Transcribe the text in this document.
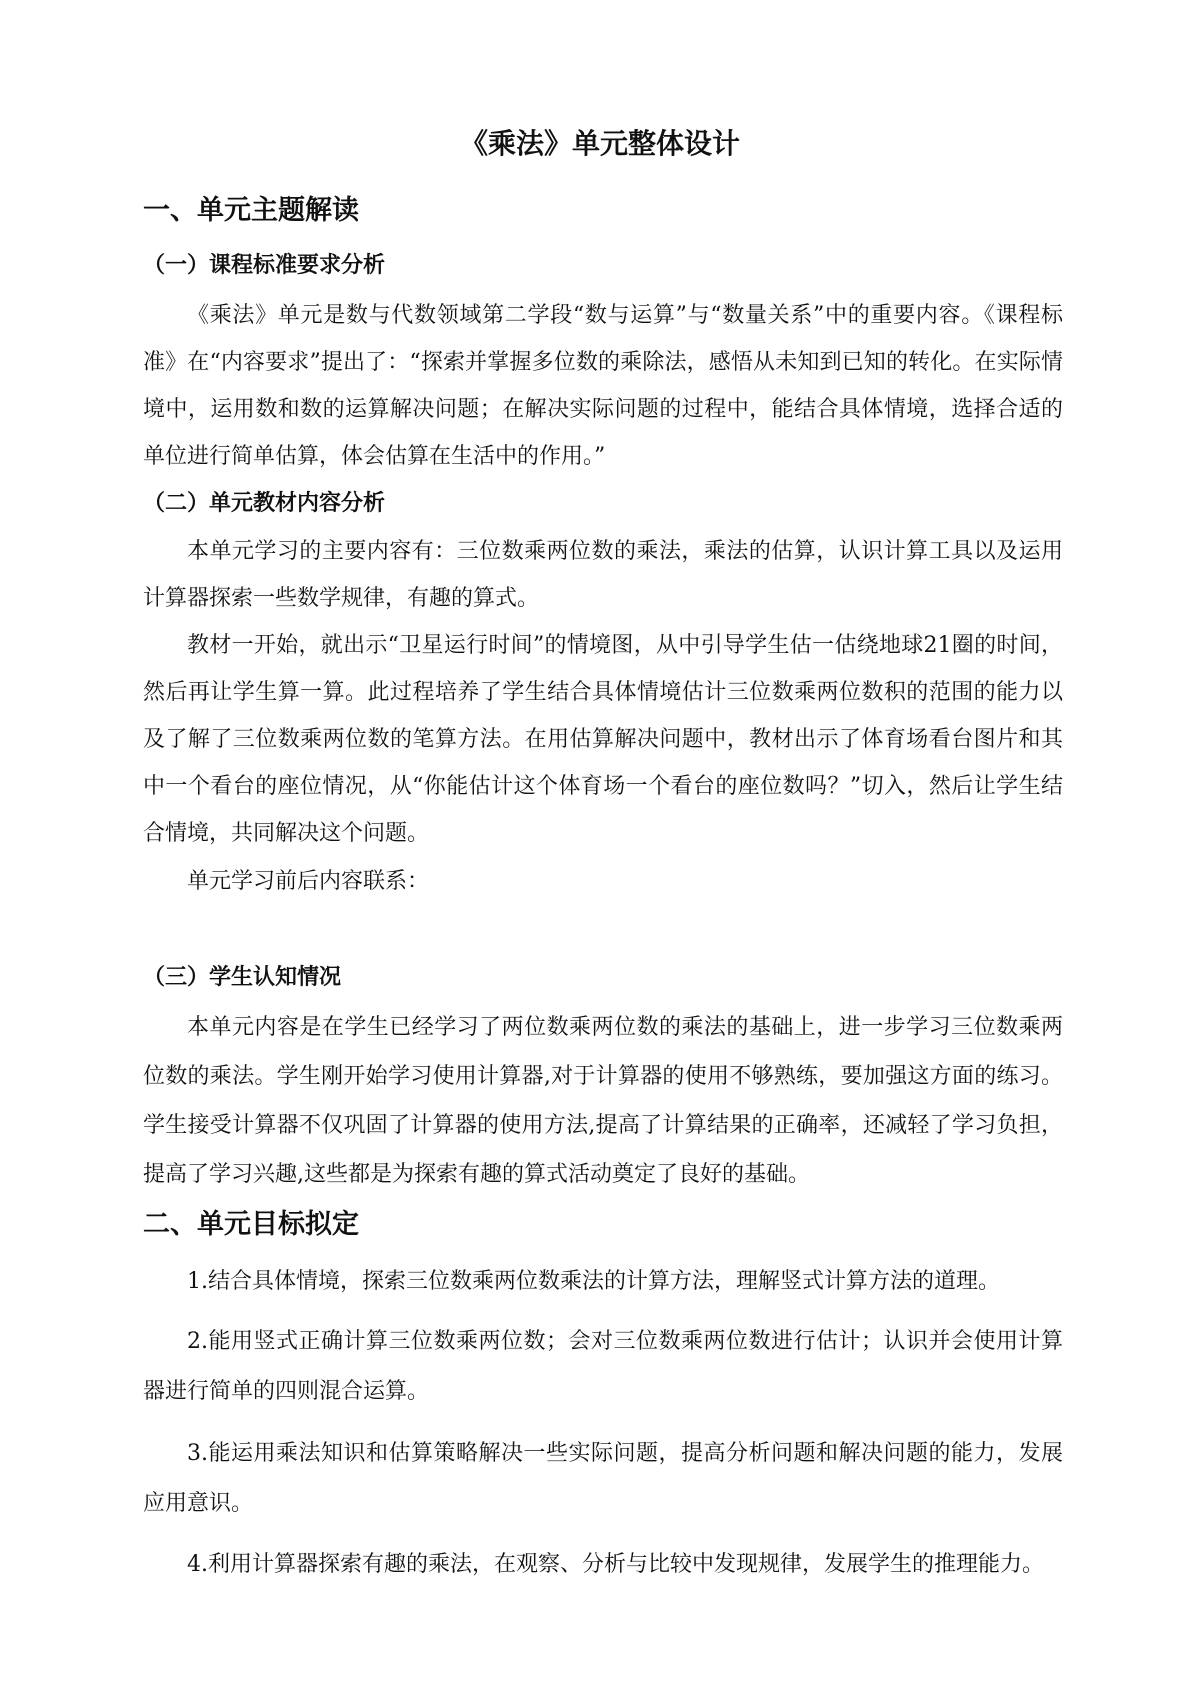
《乘法》单元整体设计
一、单元主题解读
（一）课程标准要求分析

《乘法》单元是数与代数领域第二学段“数与运算”与“数量关系”中的重要内容。《课程标准》在“内容要求”提出了：“探索并掌握多位数的乘除法，感悟从未知到已知的转化。在实际情境中，运用数和数的运算解决问题；在解决实际问题的过程中，能结合具体情境，选择合适的单位进行简单估算，体会估算在生活中的作用。”

（二）单元教材内容分析

本单元学习的主要内容有：三位数乘两位数的乘法，乘法的估算，认识计算工具以及运用计算器探索一些数学规律，有趣的算式。

教材一开始，就出示“卫星运行时间”的情境图，从中引导学生估一估绕地球21圈的时间，然后再让学生算一算。此过程培养了学生结合具体情境估计三位数乘两位数积的范围的能力以及了解了三位数乘两位数的笔算方法。在用估算解决问题中，教材出示了体育场看台图片和其中一个看台的座位情况，从“你能估计这个体育场一个看台的座位数吗？”切入，然后让学生结合情境，共同解决这个问题。

单元学习前后内容联系：

（三）学生认知情况

本单元内容是在学生已经学习了两位数乘两位数的乘法的基础上，进一步学习三位数乘两位数的乘法。学生刚开始学习使用计算器,对于计算器的使用不够熟练，要加强这方面的练习。学生接受计算器不仅巩固了计算器的使用方法,提高了计算结果的正确率，还减轻了学习负担，提高了学习兴趣,这些都是为探索有趣的算式活动奠定了良好的基础。

二、单元目标拟定

1.结合具体情境，探索三位数乘两位数乘法的计算方法，理解竖式计算方法的道理。

2.能用竖式正确计算三位数乘两位数；会对三位数乘两位数进行估计；认识并会使用计算器进行简单的四则混合运算。

3.能运用乘法知识和估算策略解决一些实际问题，提高分析问题和解决问题的能力，发展应用意识。

4.利用计算器探索有趣的乘法，在观察、分析与比较中发现规律，发展学生的推理能力。
